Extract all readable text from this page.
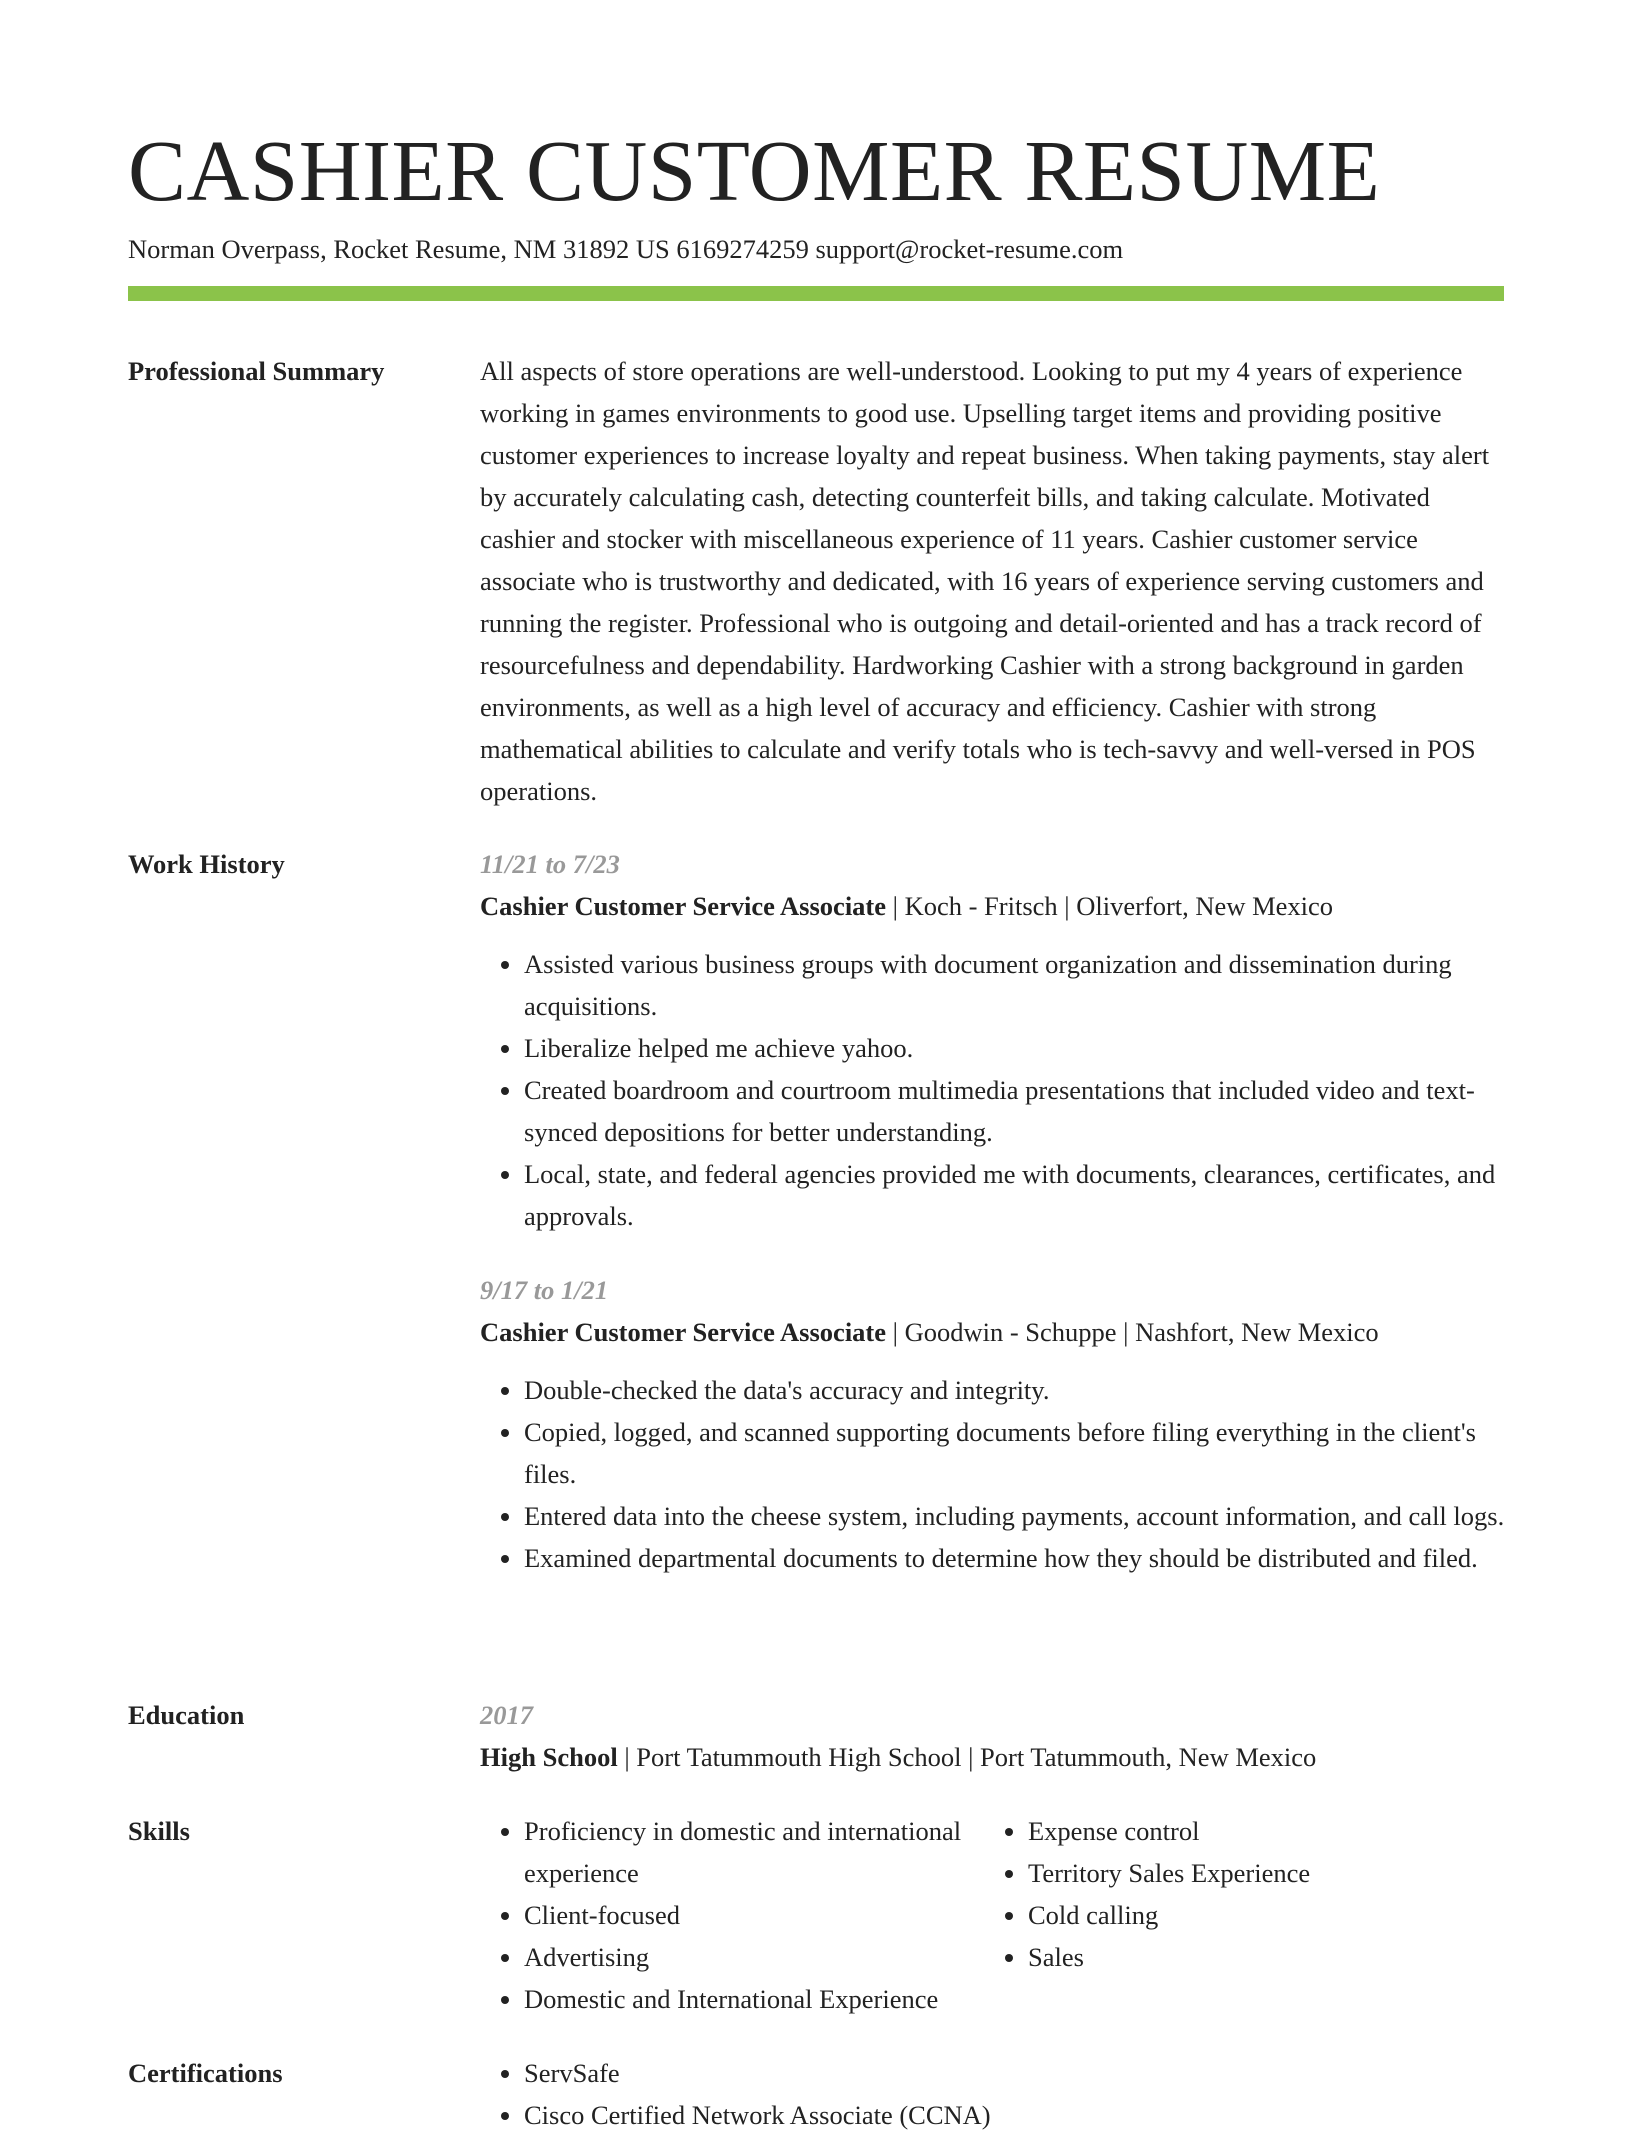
CASHIER CUSTOMER RESUME
Norman Overpass, Rocket Resume, NM 31892 US 6169274259 support@rocket-resume.com
Professional Summary	All aspects of store operations are well-understood. Looking to put my 4 years of experience working in games environments to good use. Upselling target items and providing positive customer experiences to increase loyalty and repeat business. When taking payments, stay alert by accurately calculating cash, detecting counterfeit bills, and taking calculate. Motivated cashier and stocker with miscellaneous experience of 11 years. Cashier customer service associate who is trustworthy and dedicated, with 16 years of experience serving customers and running the register. Professional who is outgoing and detail-oriented and has a track record of resourcefulness and dependability. Hardworking Cashier with a strong background in garden environments, as well as a high level of accuracy and efficiency. Cashier with strong mathematical abilities to calculate and verify totals who is tech-savvy and well-versed in POS operations.

Work History	11/21 to 7/23
Cashier Customer Service Associate | Koch - Fritsch | Oliverfort, New Mexico
• Assisted various business groups with document organization and dissemination during acquisitions.
• Liberalize helped me achieve yahoo.
• Created boardroom and courtroom multimedia presentations that included video and text-synced depositions for better understanding.
• Local, state, and federal agencies provided me with documents, clearances, certificates, and approvals.
9/17 to 1/21
Cashier Customer Service Associate | Goodwin - Schuppe | Nashfort, New Mexico
• Double-checked the data's accuracy and integrity.
• Copied, logged, and scanned supporting documents before filing everything in the client's files.
• Entered data into the cheese system, including payments, account information, and call logs.
• Examined departmental documents to determine how they should be distributed and filed.
Education	2017
High School | Port Tatummouth High School | Port Tatummouth, New Mexico
Skills	• Proficiency in domestic and international experience
• Client-focused
• Advertising
• Domestic and International Experience
• Expense control
• Territory Sales Experience
• Cold calling
• Sales
Certifications	• ServSafe
• Cisco Certified Network Associate (CCNA)
